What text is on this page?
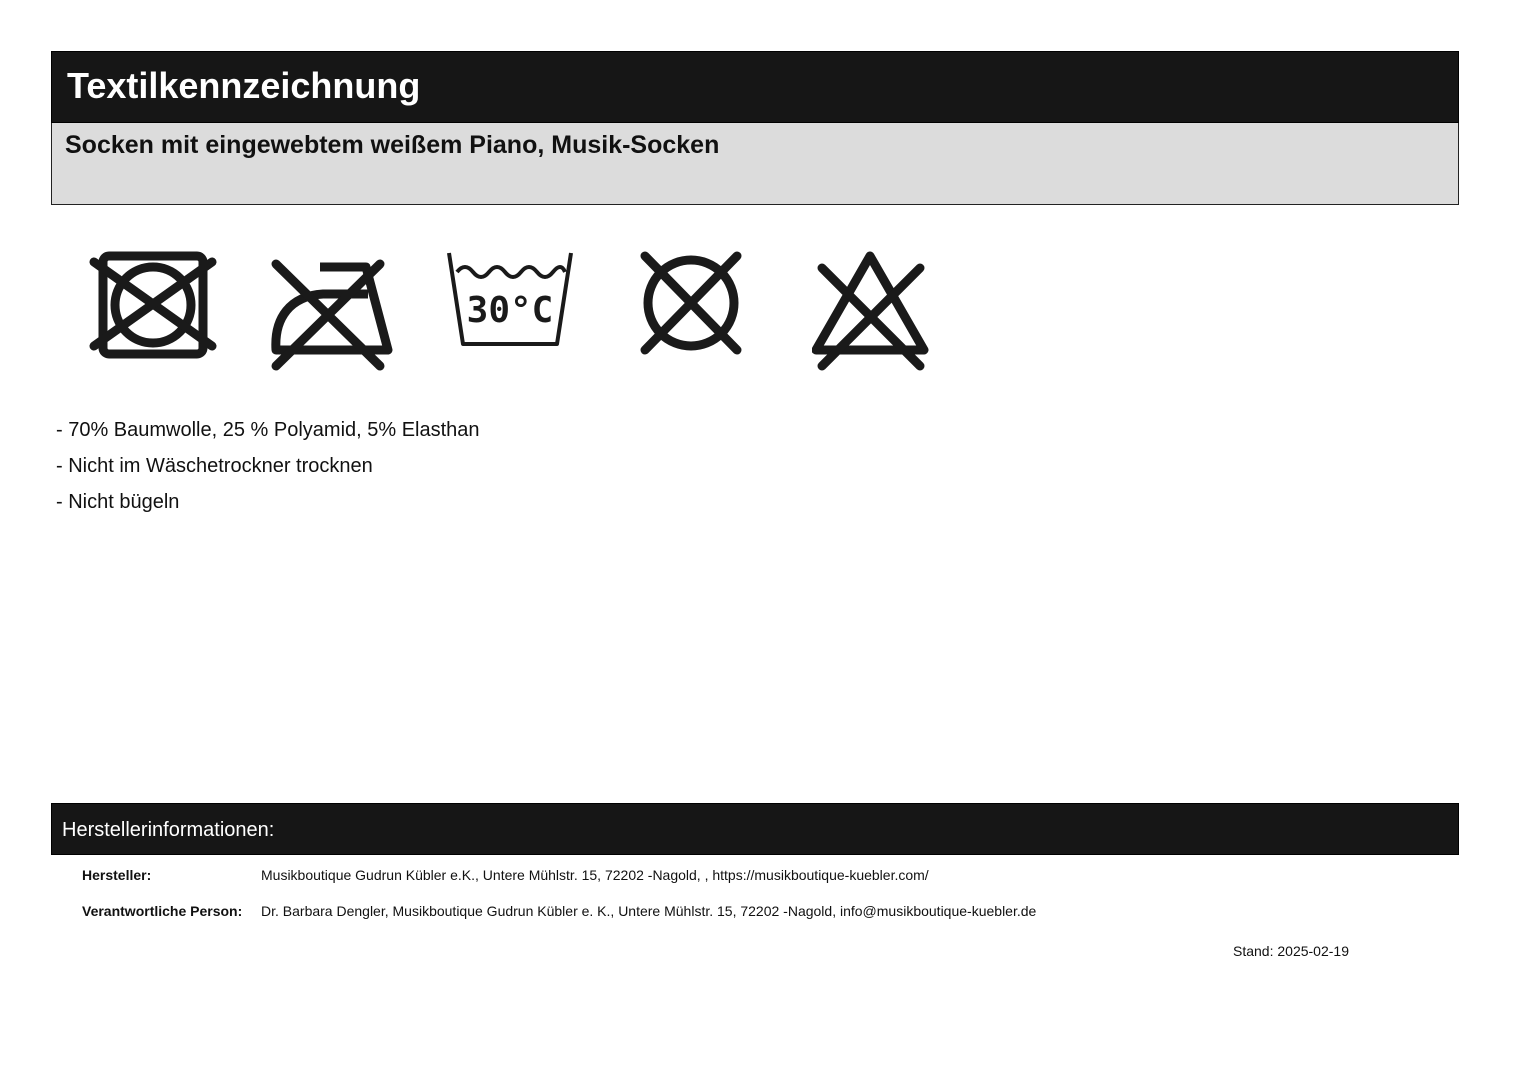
Textilkennzeichnung
Socken mit eingewebtem weißem Piano, Musik-Socken
30°C
- 70% Baumwolle, 25 % Polyamid, 5% Elasthan
- Nicht im Wäschetrockner trocknen
- Nicht bügeln
Herstellerinformationen:
Hersteller:	Musikboutique Gudrun Kübler e.K., Untere Mühlstr. 15, 72202 -Nagold, , https://musikboutique-kuebler.com/
Verantwortliche Person: Dr. Barbara Dengler, Musikboutique Gudrun Kübler e. K., Untere Mühlstr. 15, 72202 -Nagold, info@musikboutique-kuebler.de
Stand: 2025-02-19
